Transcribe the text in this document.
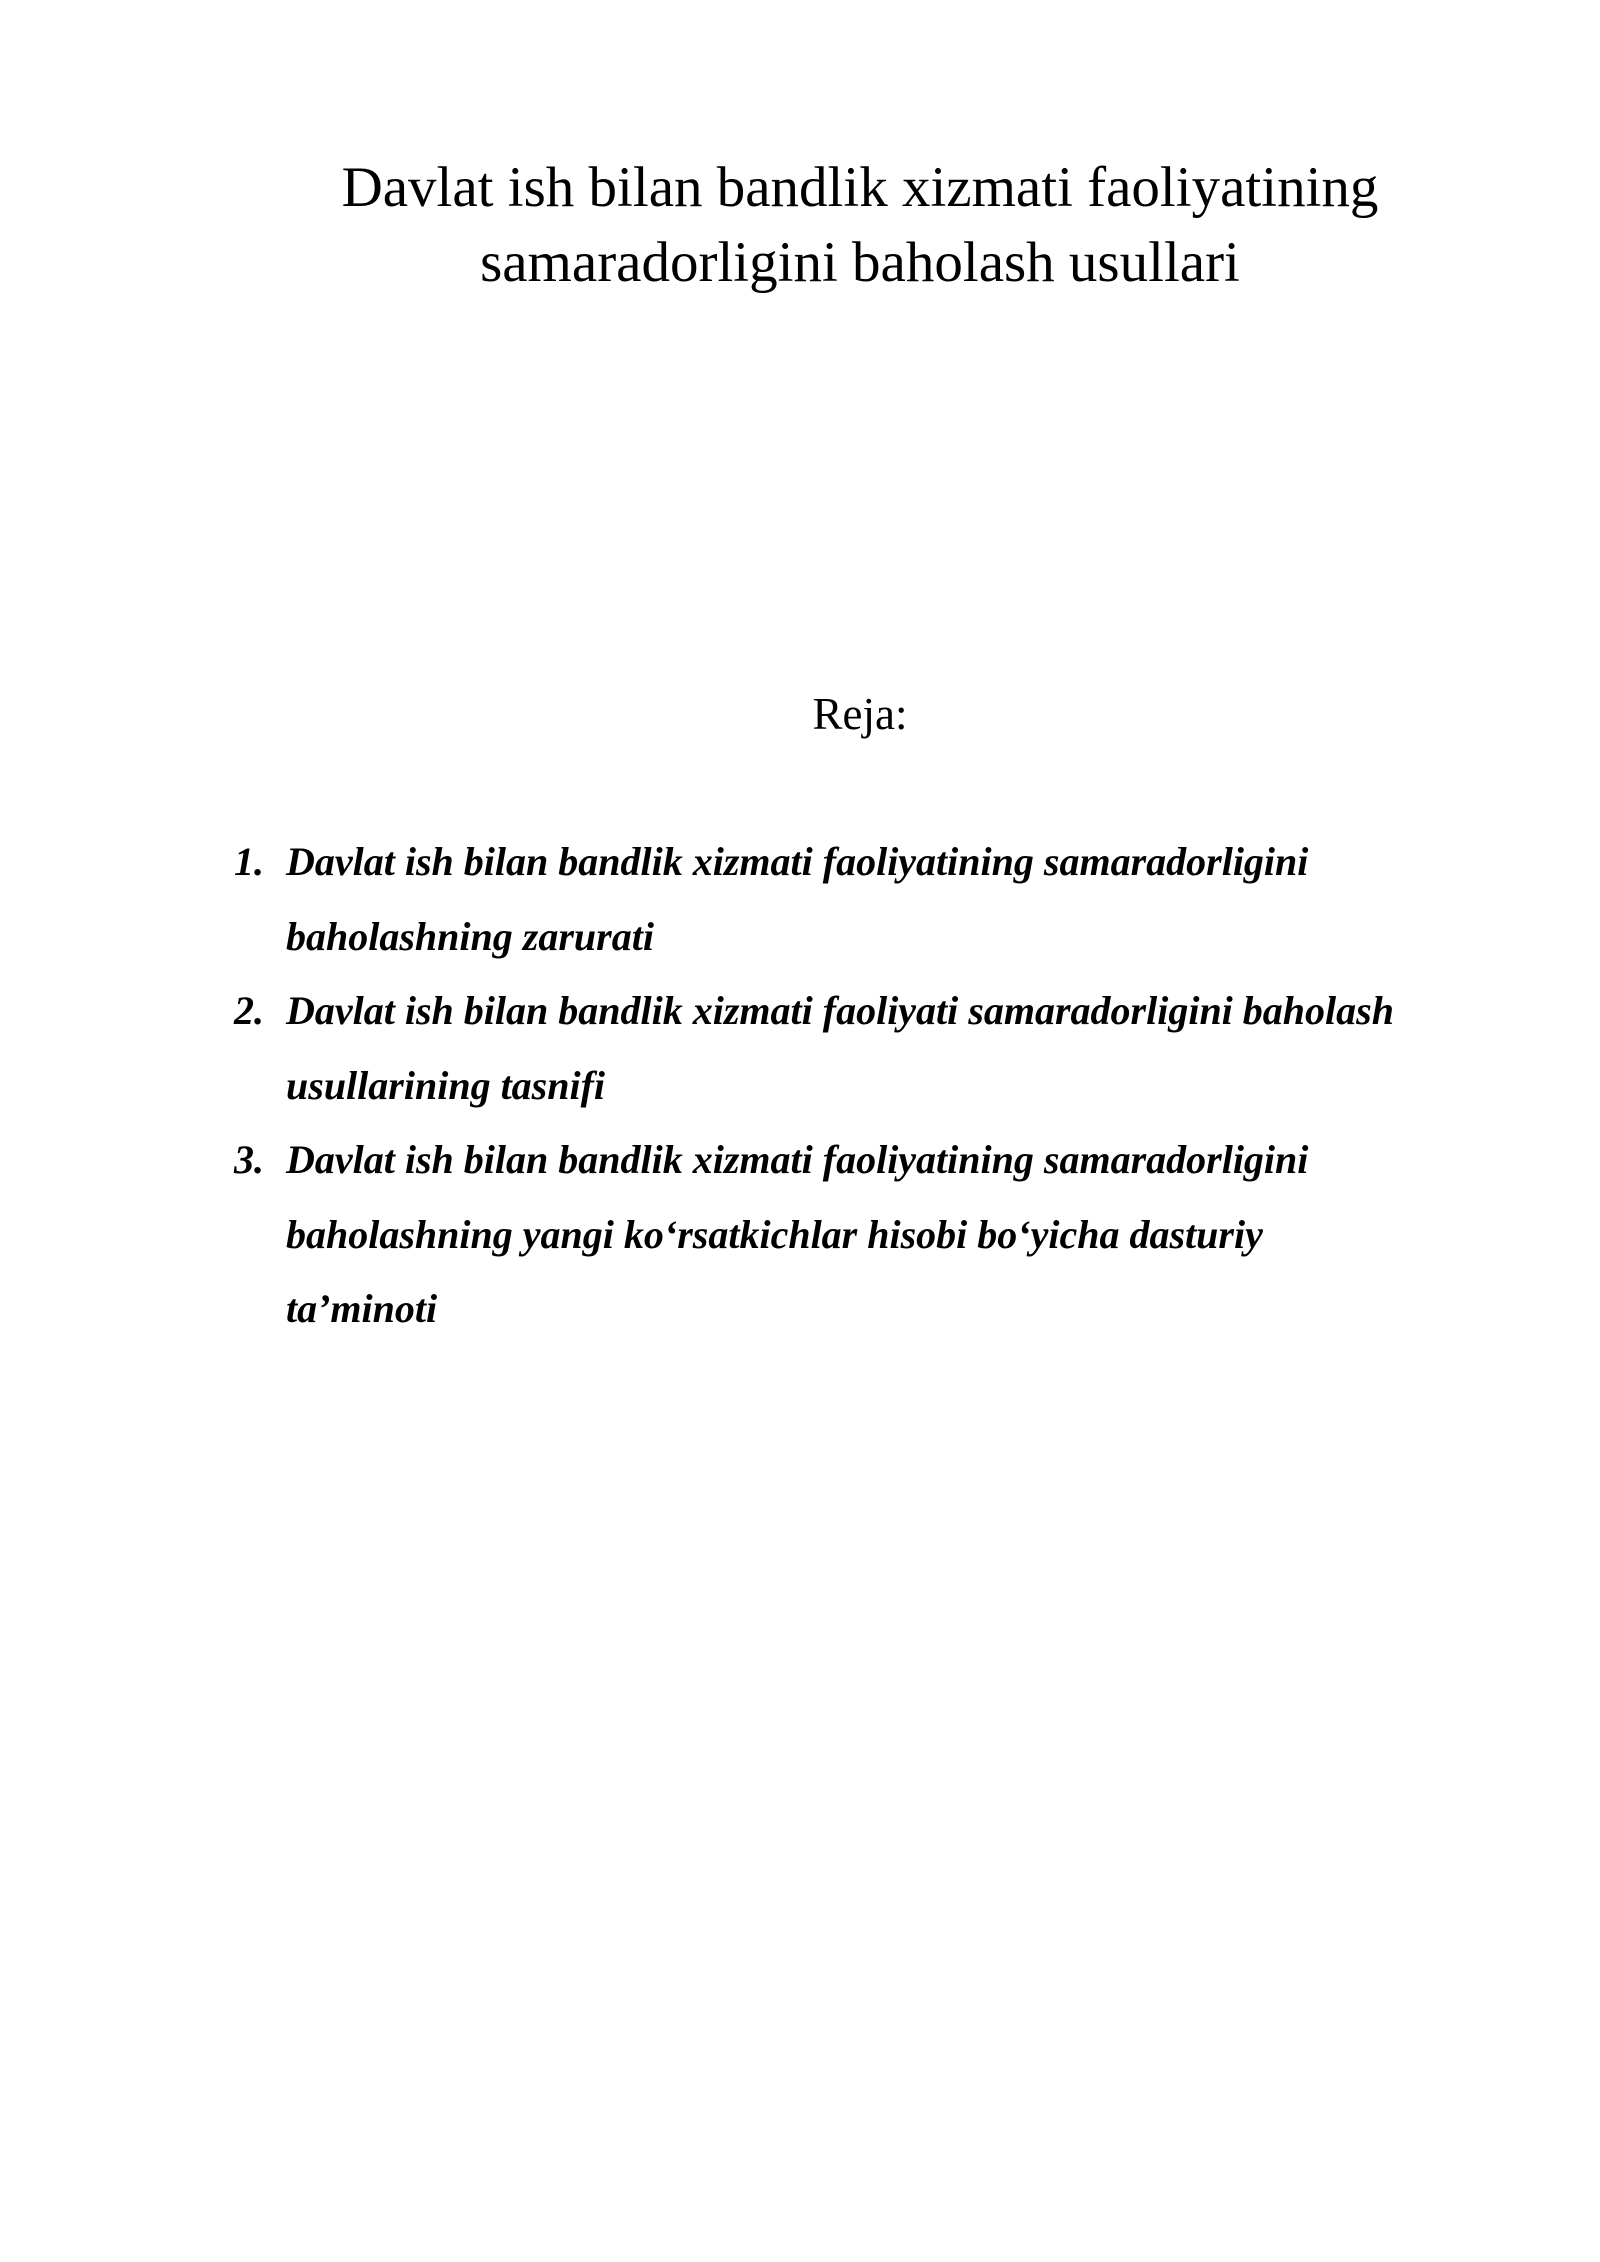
Davlat ish bilan bandlik xizmati faoliyatining
samaradorligini baholash usullari
Reja:
1. Davlat ish bilan bandlik xizmati faoliyatining samaradorligini
baholashning zarurati
2. Davlat ish bilan bandlik xizmati faoliyati samaradorligini baholash
usullarining tasnifi
3. Davlat ish bilan bandlik xizmati faoliyatining samaradorligini
baholashning yangi ko‘rsatkichlar hisobi bo‘yicha dasturiy
ta’minoti
